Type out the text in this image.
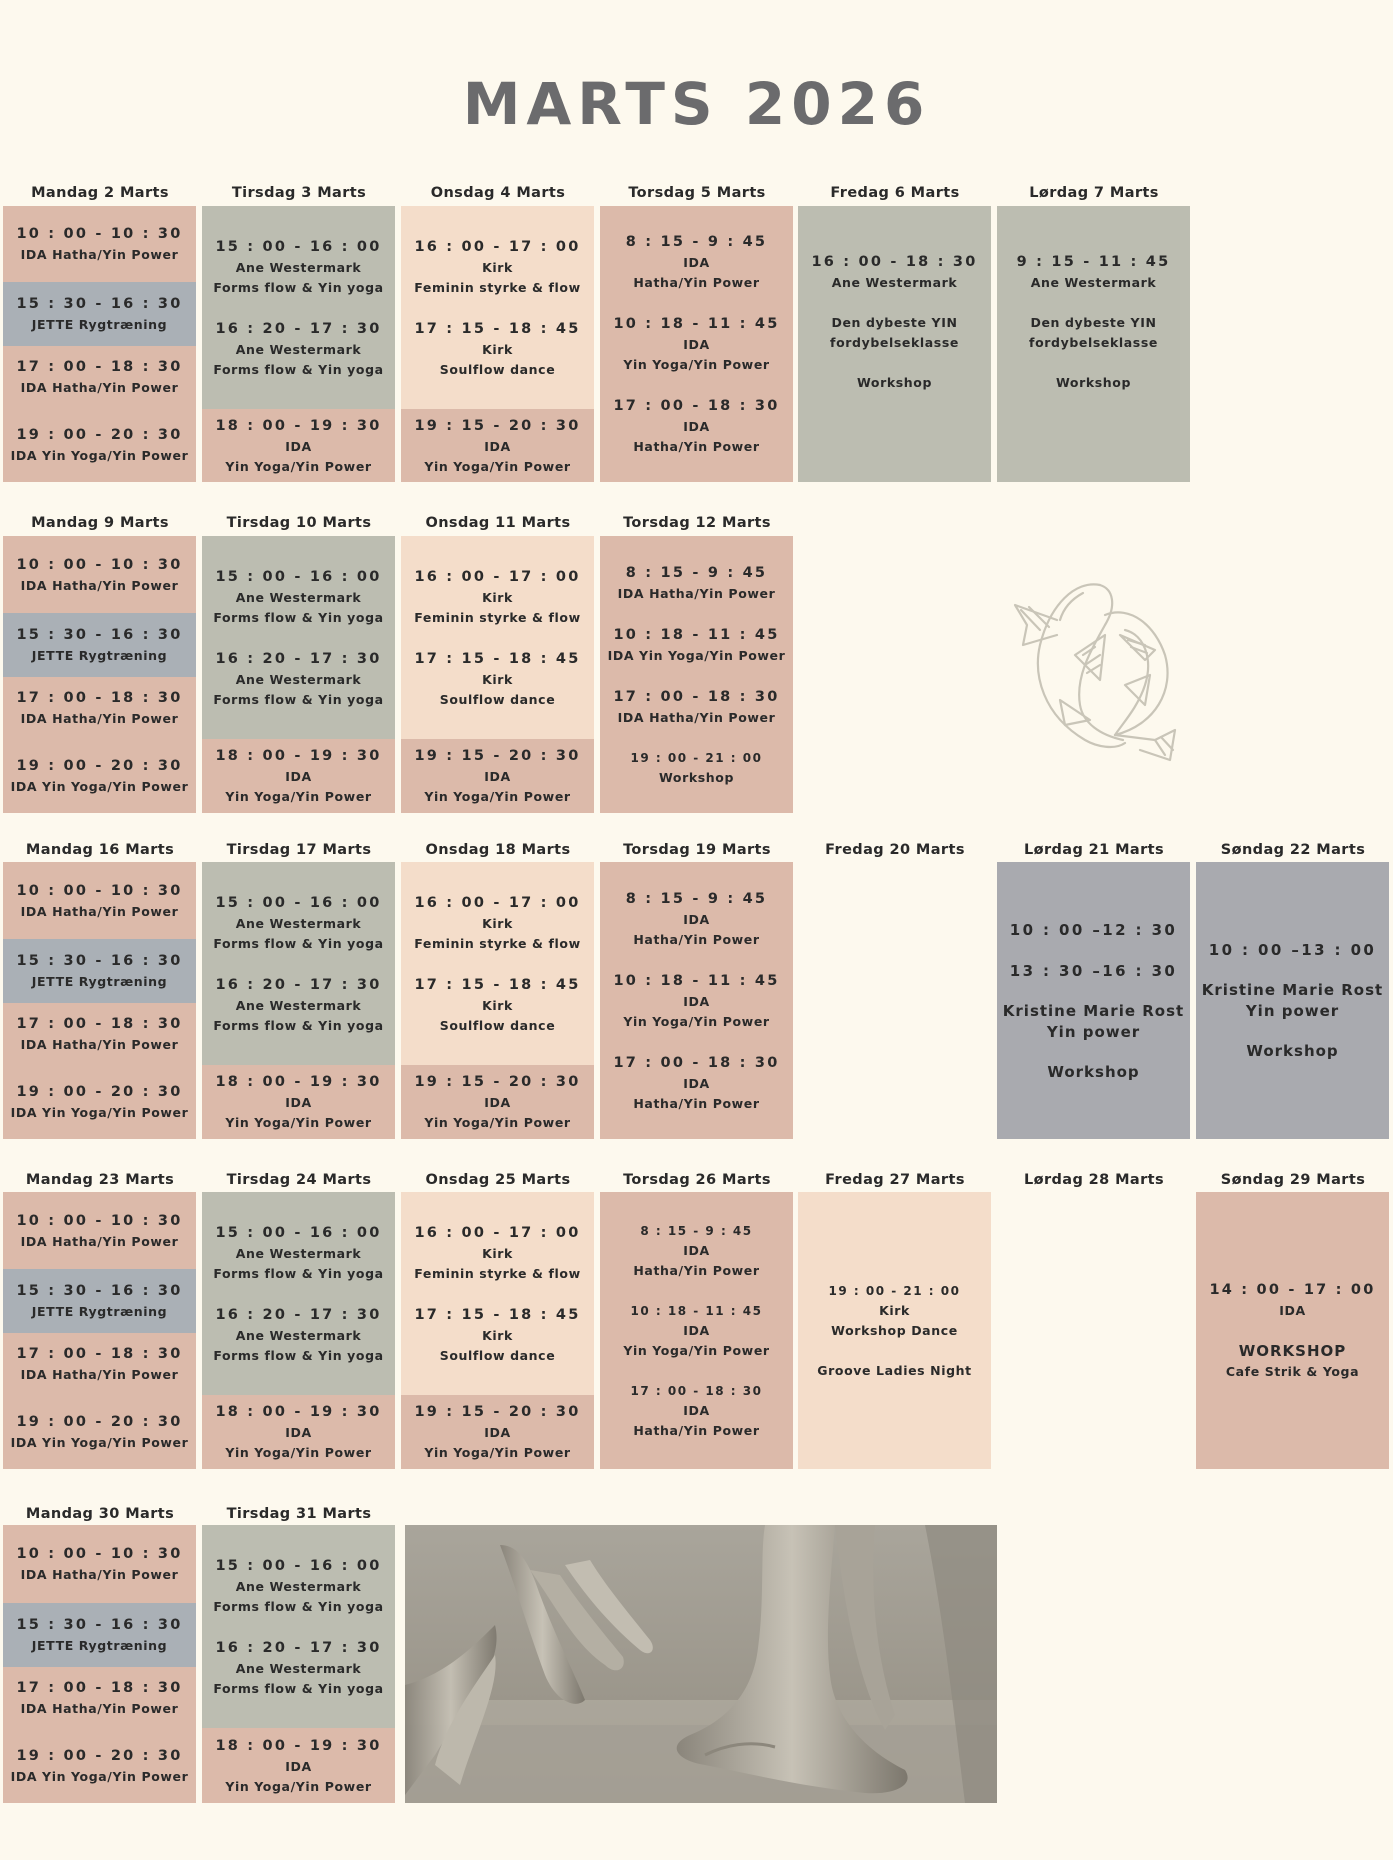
MARTS 2026
Mandag 2 Marts
10 : 00 - 10 : 30
IDA Hatha/Yin Power
15 : 30 - 16 : 30
JETTE Rygtræning
17 : 00 - 18 : 30
IDA Hatha/Yin Power
19 : 00 - 20 : 30
IDA Yin Yoga/Yin Power
Tirsdag 3 Marts
15 : 00 - 16 : 00
Ane Westermark
Forms flow & Yin yoga
16 : 20 - 17 : 30
Ane Westermark
Forms flow & Yin yoga
18 : 00 - 19 : 30
IDA
Yin Yoga/Yin Power
Onsdag 4 Marts
16 : 00 - 17 : 00
Kirk
Feminin styrke & flow
17 : 15 - 18 : 45
Kirk
Soulflow dance
19 : 15 - 20 : 30
IDA
Yin Yoga/Yin Power
Torsdag 5 Marts
8 : 15 - 9 : 45
IDA
Hatha/Yin Power
10 : 18 - 11 : 45
IDA
Yin Yoga/Yin Power
17 : 00 - 18 : 30
IDA
Hatha/Yin Power
Fredag 6 Marts
16 : 00 - 18 : 30
Ane Westermark
Den dybeste YIN
fordybelseklasse
Workshop
Lørdag 7 Marts
9 : 15 - 11 : 45
Ane Westermark
Den dybeste YIN
fordybelseklasse
Workshop
Mandag 9 Marts
10 : 00 - 10 : 30
IDA Hatha/Yin Power
15 : 30 - 16 : 30
JETTE Rygtræning
17 : 00 - 18 : 30
IDA Hatha/Yin Power
19 : 00 - 20 : 30
IDA Yin Yoga/Yin Power
Tirsdag 10 Marts
15 : 00 - 16 : 00
Ane Westermark
Forms flow & Yin yoga
16 : 20 - 17 : 30
Ane Westermark
Forms flow & Yin yoga
18 : 00 - 19 : 30
IDA
Yin Yoga/Yin Power
Onsdag 11 Marts
16 : 00 - 17 : 00
Kirk
Feminin styrke & flow
17 : 15 - 18 : 45
Kirk
Soulflow dance
19 : 15 - 20 : 30
IDA
Yin Yoga/Yin Power
Torsdag 12 Marts
8 : 15 - 9 : 45
IDA Hatha/Yin Power
10 : 18 - 11 : 45
IDA Yin Yoga/Yin Power
17 : 00 - 18 : 30
IDA Hatha/Yin Power
19 : 00 - 21 : 00
Workshop
Mandag 16 Marts
10 : 00 - 10 : 30
IDA Hatha/Yin Power
15 : 30 - 16 : 30
JETTE Rygtræning
17 : 00 - 18 : 30
IDA Hatha/Yin Power
19 : 00 - 20 : 30
IDA Yin Yoga/Yin Power
Tirsdag 17 Marts
15 : 00 - 16 : 00
Ane Westermark
Forms flow & Yin yoga
16 : 20 - 17 : 30
Ane Westermark
Forms flow & Yin yoga
18 : 00 - 19 : 30
IDA
Yin Yoga/Yin Power
Onsdag 18 Marts
16 : 00 - 17 : 00
Kirk
Feminin styrke & flow
17 : 15 - 18 : 45
Kirk
Soulflow dance
19 : 15 - 20 : 30
IDA
Yin Yoga/Yin Power
Torsdag 19 Marts
8 : 15 - 9 : 45
IDA
Hatha/Yin Power
10 : 18 - 11 : 45
IDA
Yin Yoga/Yin Power
17 : 00 - 18 : 30
IDA
Hatha/Yin Power
Fredag 20 Marts	Lørdag 21 Marts
10 : 00 –12 : 30
13 : 30 –16 : 30
Kristine Marie Rost
Yin power
Workshop
Søndag 22 Marts
10 : 00 –13 : 00
Kristine Marie Rost
Yin power
Workshop
Mandag 23 Marts
10 : 00 - 10 : 30
IDA Hatha/Yin Power
15 : 30 - 16 : 30
JETTE Rygtræning
17 : 00 - 18 : 30
IDA Hatha/Yin Power
19 : 00 - 20 : 30
IDA Yin Yoga/Yin Power
Tirsdag 24 Marts
15 : 00 - 16 : 00
Ane Westermark
Forms flow & Yin yoga
16 : 20 - 17 : 30
Ane Westermark
Forms flow & Yin yoga
18 : 00 - 19 : 30
IDA
Yin Yoga/Yin Power
Onsdag 25 Marts
16 : 00 - 17 : 00
Kirk
Feminin styrke & flow
17 : 15 - 18 : 45
Kirk
Soulflow dance
19 : 15 - 20 : 30
IDA
Yin Yoga/Yin Power
Torsdag 26 Marts
8 : 15 - 9 : 45
IDA
Hatha/Yin Power
10 : 18 - 11 : 45
IDA
Yin Yoga/Yin Power
17 : 00 - 18 : 30
IDA
Hatha/Yin Power
Fredag 27 Marts
19 : 00 - 21 : 00
Kirk
Workshop Dance
Groove Ladies Night
Lørdag 28 Marts	Søndag 29 Marts
14 : 00 - 17 : 00
IDA
WORKSHOP
Cafe Strik & Yoga
Mandag 30 Marts
10 : 00 - 10 : 30
IDA Hatha/Yin Power
15 : 30 - 16 : 30
JETTE Rygtræning
17 : 00 - 18 : 30
IDA Hatha/Yin Power
19 : 00 - 20 : 30
IDA Yin Yoga/Yin Power
Tirsdag 31 Marts
15 : 00 - 16 : 00
Ane Westermark
Forms flow & Yin yoga
16 : 20 - 17 : 30
Ane Westermark
Forms flow & Yin yoga
18 : 00 - 19 : 30
IDA
Yin Yoga/Yin Power
